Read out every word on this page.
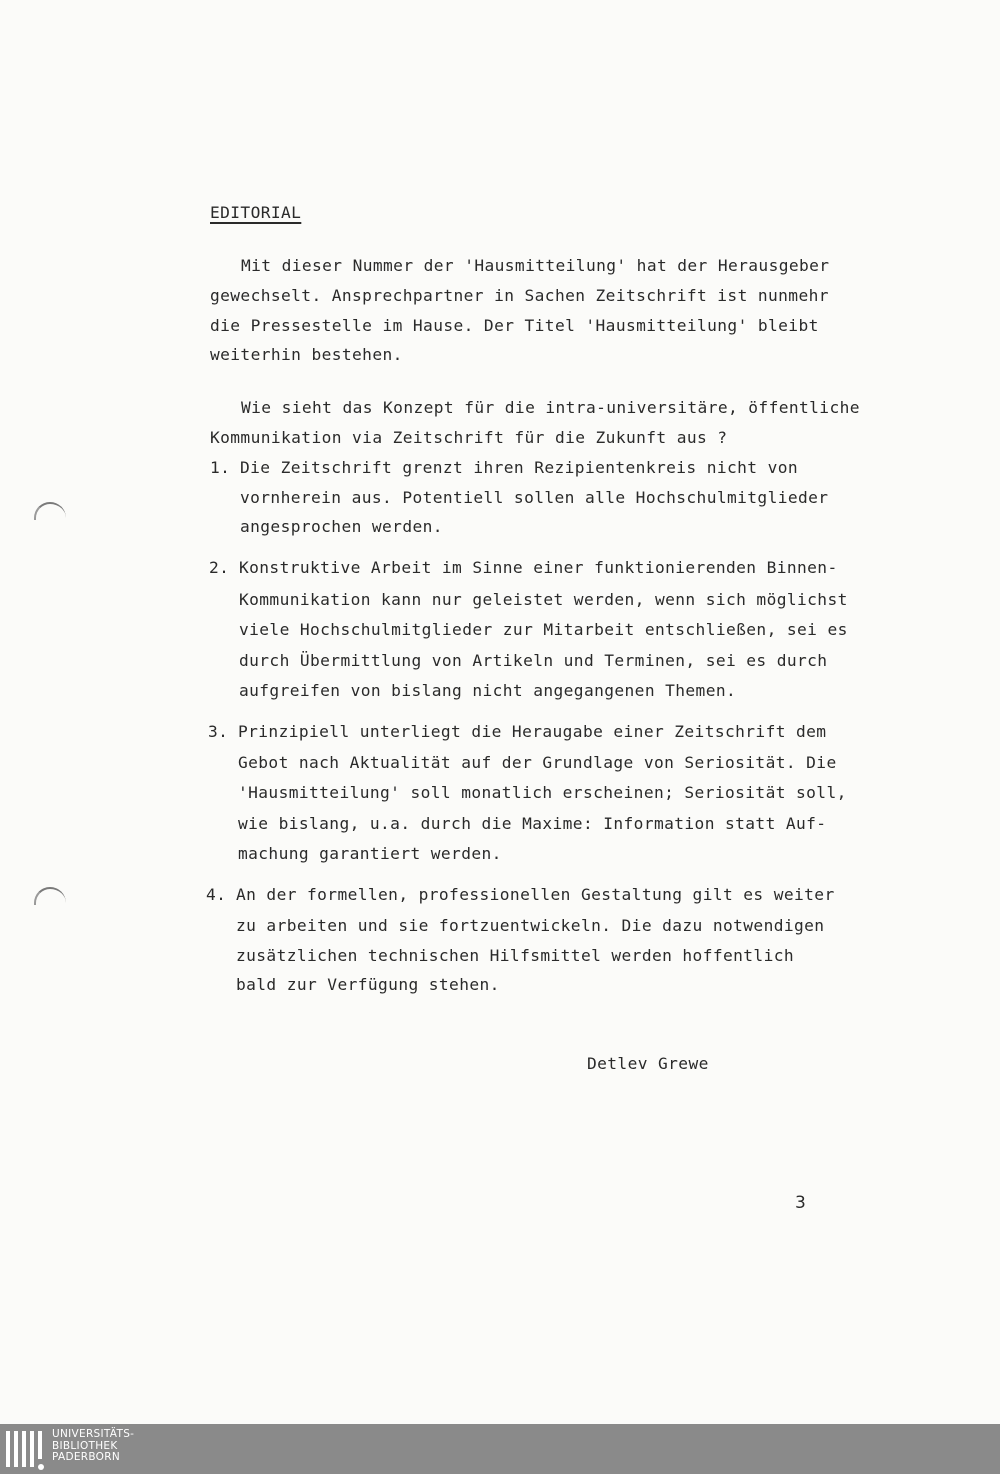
EDITORIAL
Mit dieser Nummer der 'Hausmitteilung' hat der Herausgeber
gewechselt. Ansprechpartner in Sachen Zeitschrift ist nunmehr
die Pressestelle im Hause. Der Titel 'Hausmitteilung' bleibt
weiterhin bestehen.
Wie sieht das Konzept für die intra-universitäre, öffentliche
Kommunikation via Zeitschrift für die Zukunft aus ?
1. Die Zeitschrift grenzt ihren Rezipientenkreis nicht von
vornherein aus. Potentiell sollen alle Hochschulmitglieder
angesprochen werden.
2. Konstruktive Arbeit im Sinne einer funktionierenden Binnen-
Kommunikation kann nur geleistet werden, wenn sich möglichst
viele Hochschulmitglieder zur Mitarbeit entschließen, sei es
durch Übermittlung von Artikeln und Terminen, sei es durch
aufgreifen von bislang nicht angegangenen Themen.
3. Prinzipiell unterliegt die Heraugabe einer Zeitschrift dem
Gebot nach Aktualität auf der Grundlage von Seriosität. Die
'Hausmitteilung' soll monatlich erscheinen; Seriosität soll,
wie bislang, u.a. durch die Maxime: Information statt Auf-
machung garantiert werden.
4. An der formellen, professionellen Gestaltung gilt es weiter
zu arbeiten und sie fortzuentwickeln. Die dazu notwendigen
zusätzlichen technischen Hilfsmittel werden hoffentlich
bald zur Verfügung stehen.
Detlev Grewe
3
UNIVERSITÄTS-
BIBLIOTHEK
PADERBORN
